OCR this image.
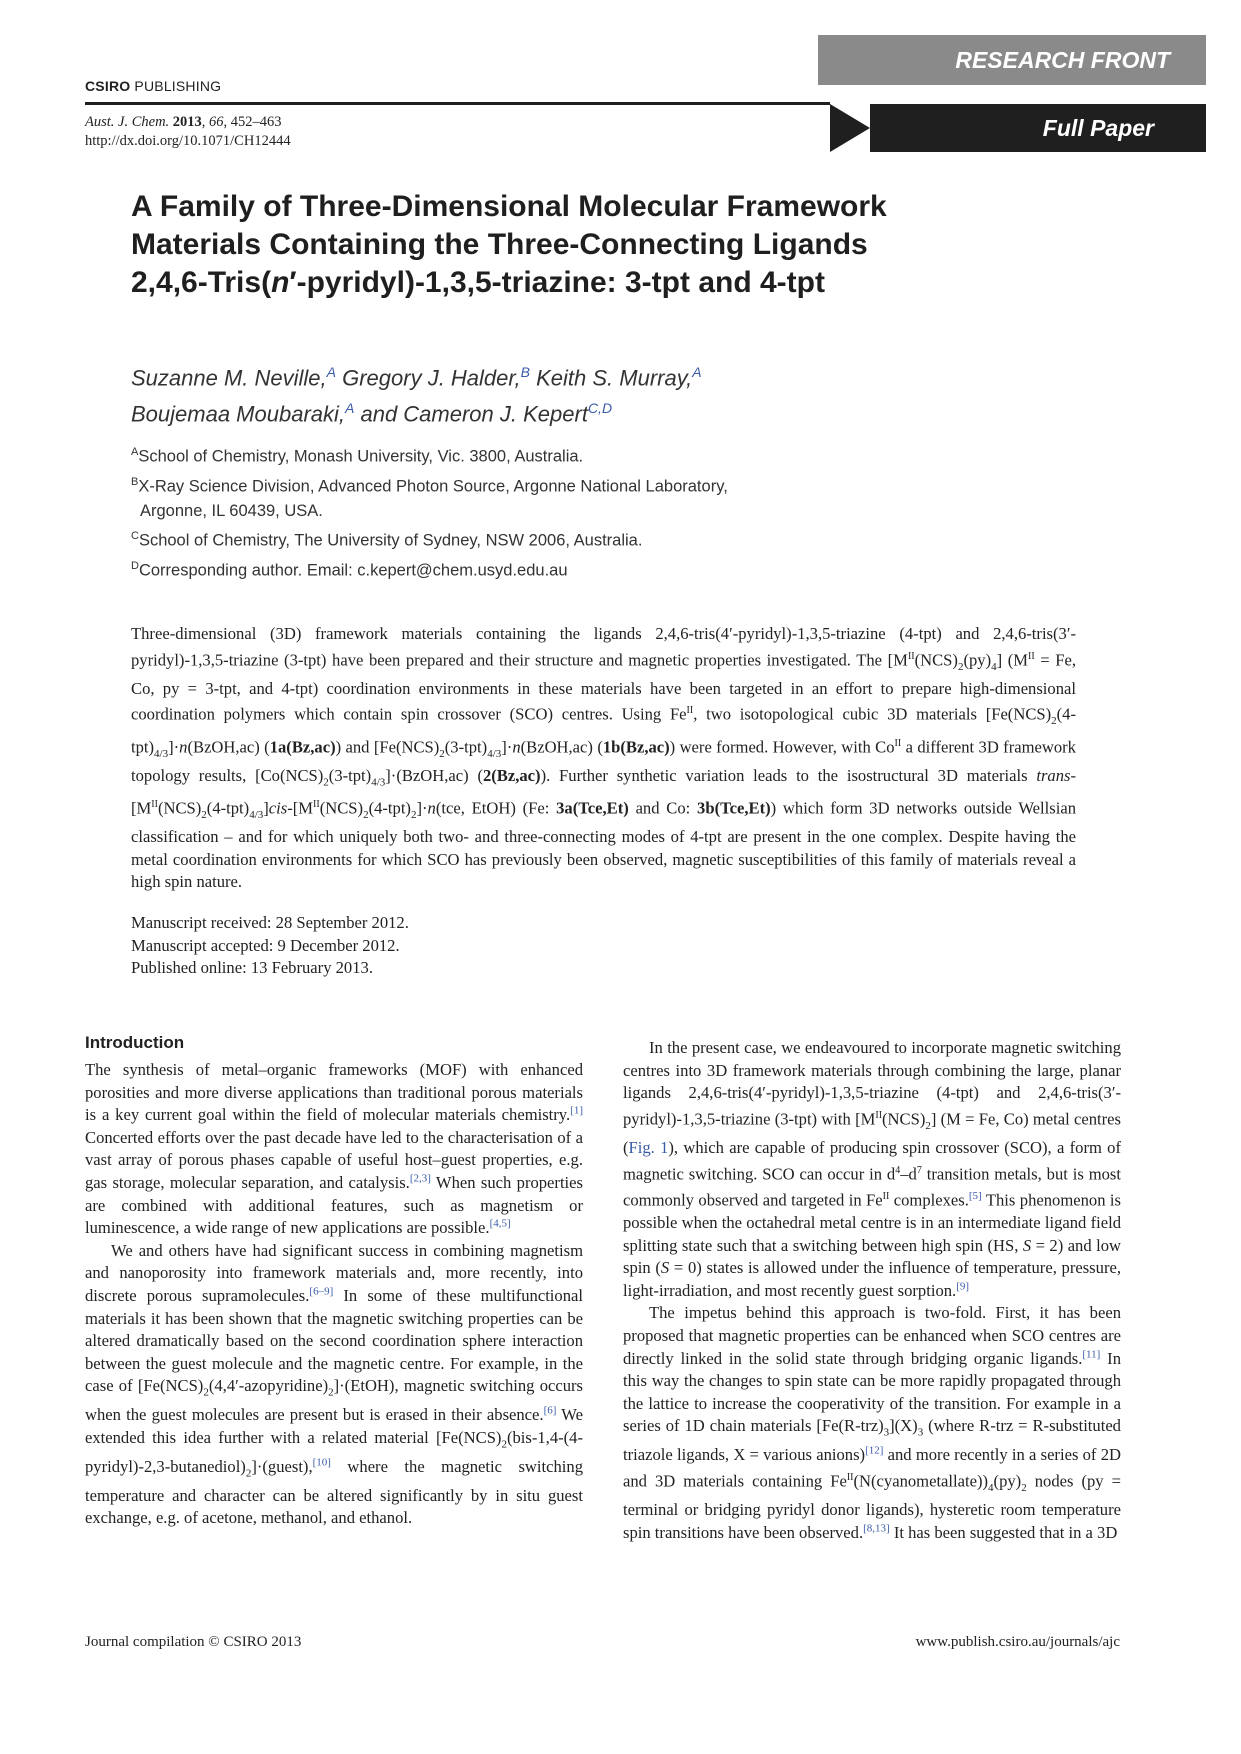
RESEARCH FRONT
Full Paper
CSIRO PUBLISHING
Aust. J. Chem. 2013, 66, 452–463
http://dx.doi.org/10.1071/CH12444
A Family of Three-Dimensional Molecular Framework
Materials Containing the Three-Connecting Ligands
2,4,6-Tris(n′-pyridyl)-1,3,5-triazine: 3-tpt and 4-tpt
Suzanne M. Neville,$^A$ Gregory J. Halder,$^B$ Keith S. Murray,$^A$
Boujemaa Moubaraki,$^A$ and Cameron J. Kepert$^{C,D}$
$^A$School of Chemistry, Monash University, Vic. 3800, Australia.
$^B$X-Ray Science Division, Advanced Photon Source, Argonne National Laboratory,
Argonne, IL 60439, USA.
$^C$School of Chemistry, The University of Sydney, NSW 2006, Australia.
$^D$Corresponding author. Email: c.kepert@chem.usyd.edu.au
Three-dimensional (3D) framework materials containing the ligands 2,4,6-tris(4′-pyridyl)-1,3,5-triazine (4-tpt) and 2,4,6-tris(3′-pyridyl)-1,3,5-triazine (3-tpt) have been prepared and their structure and magnetic properties investigated. The $[M^{II}(NCS)_2(py)_4] (M^{II} = Fe$, Co, py = 3-tpt, and 4-tpt) coordination environments in these materials have been targeted in an effort to prepare high-dimensional coordination polymers which contain spin crossover (SCO) centres. Using $Fe^{II}$, two isotopological cubic 3D materials $[Fe(NCS)_2(4-tpt)_{4/3}]\cdot n(BzOH,ac)$ (1a(Bz,ac)) and $[Fe(NCS)_2(3-tpt)_{4/3}]\cdot n(BzOH,ac)$ (1b(Bz,ac)) were formed. However, with $Co^{II}$ a different 3D framework topology results, $[Co(NCS)_2(3-tpt)_{4/3}]\cdot(BzOH,ac)$ (2(Bz,ac)). Further synthetic variation leads to the isostructural 3D materials trans-$[M^{II}(NCS)_2(4-tpt)_{4/3}]cis-[M^{II}(NCS)_2(4-tpt)_2]\cdot n(tce$, EtOH) (Fe: 3a(Tce,Et) and Co: 3b(Tce,Et)) which form 3D networks outside Wellsian classification – and for which uniquely both two- and three-connecting modes of 4-tpt are present in the one complex. Despite having the metal coordination environments for which SCO has previously been observed, magnetic susceptibilities of this family of materials reveal a high spin nature.
Manuscript received: 28 September 2012.
Manuscript accepted: 9 December 2012.
Published online: 13 February 2013.
Introduction

The synthesis of metal–organic frameworks (MOF) with enhanced porosities and more diverse applications than traditional porous materials is a key current goal within the field of molecular materials chemistry.[1] Concerted efforts over the past decade have led to the characterisation of a vast array of porous phases capable of useful host–guest properties, e.g. gas storage, molecular separation, and catalysis.[2,3] When such properties are combined with additional features, such as magnetism or luminescence, a wide range of new applications are possible.[4,5]

We and others have had significant success in combining magnetism and nanoporosity into framework materials and, more recently, into discrete porous supramolecules.[6–9] In some of these multifunctional materials it has been shown that the magnetic switching properties can be altered dramatically based on the second coordination sphere interaction between the guest molecule and the magnetic centre. For example, in the case of $[Fe(NCS)_2(4,4'-azopyridine)_2]\cdot(EtOH)$, magnetic switching occurs when the guest molecules are present but is erased in their absence.[6] We extended this idea further with a related material $[Fe(NCS)_2(bis-1,4-(4-pyridyl)-2,3-butanediol)_2]\cdot(guest),[10]$ where the magnetic switching temperature and character can be altered significantly by in situ guest exchange, e.g. of acetone, methanol, and ethanol.

In the present case, we endeavoured to incorporate magnetic switching centres into 3D framework materials through combining the large, planar ligands 2,4,6-tris(4′-pyridyl)-1,3,5-triazine (4-tpt) and 2,4,6-tris(3′-pyridyl)-1,3,5-triazine (3-tpt) with $[M^{II}(NCS)_2] (M = Fe$, Co) metal centres (Fig. 1), which are capable of producing spin crossover (SCO), a form of magnetic switching. SCO can occur in $d^4-d^7$ transition metals, but is most commonly observed and targeted in $Fe^{II}$ complexes.[5] This phenomenon is possible when the octahedral metal centre is in an intermediate ligand field splitting state such that a switching between high spin (HS, S = 2) and low spin (S = 0) states is allowed under the influence of temperature, pressure, light-irradiation, and most recently guest sorption.[9]

The impetus behind this approach is two-fold. First, it has been proposed that magnetic properties can be enhanced when SCO centres are directly linked in the solid state through bridging organic ligands.[11] In this way the changes to spin state can be more rapidly propagated through the lattice to increase the cooperativity of the transition. For example in a series of 1D chain materials $[Fe(R-trz)_3](X)_3$ (where R-trz = R-substituted triazole ligands, X = various anions)[12] and more recently in a series of 2D and 3D materials containing $Fe^{II}(N(cyanometallate))_4(py)_2$ nodes (py = terminal or bridging pyridyl donor ligands), hysteretic room temperature spin transitions have been observed.[8,13] It has been suggested that in a 3D

Journal compilation © CSIRO 2013	www.publish.csiro.au/journals/ajc
